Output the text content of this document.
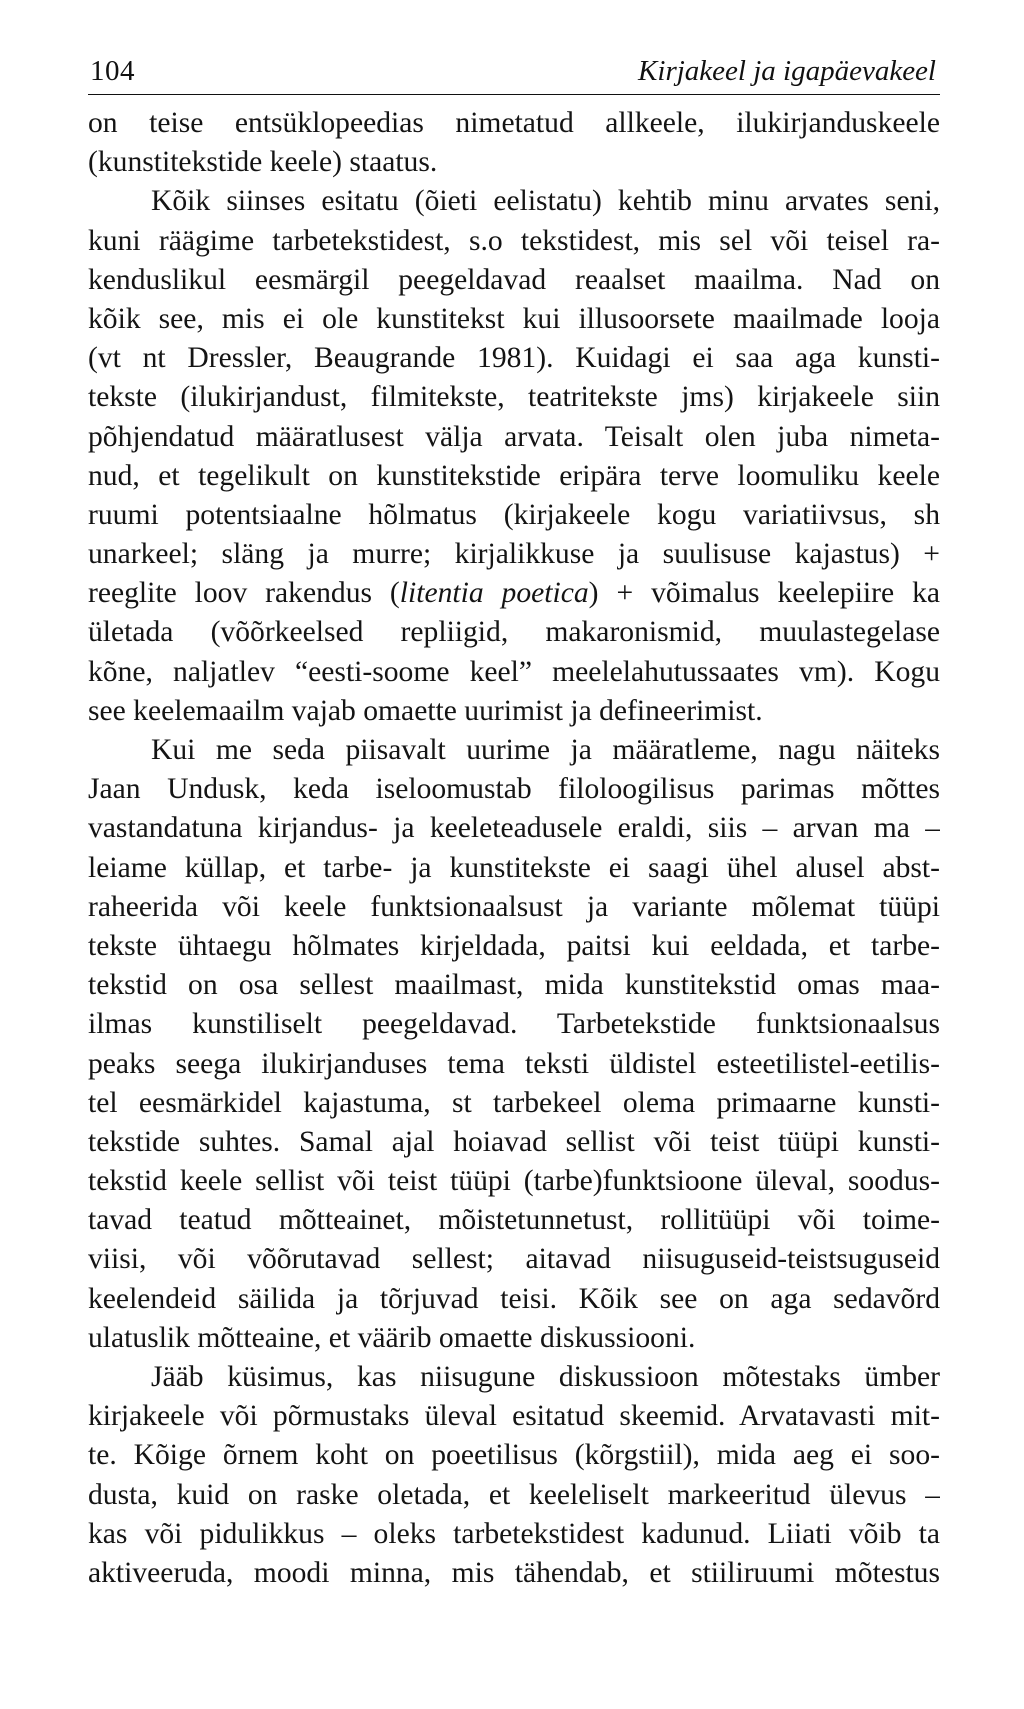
104	Kirjakeel ja igapäevakeel
on teise entsüklopeedias nimetatud allkeele, ilukirjanduskeele
(kunstitekstide keele) staatus.
Kõik siinses esitatu (õieti eelistatu) kehtib minu arvates seni,
kuni räägime tarbetekstidest, s.o tekstidest, mis sel või teisel ra-
kenduslikul eesmärgil peegeldavad reaalset maailma. Nad on
kõik see, mis ei ole kunstitekst kui illusoorsete maailmade looja
(vt nt Dressler, Beaugrande 1981). Kuidagi ei saa aga kunsti-
tekste (ilukirjandust, filmitekste, teatritekste jms) kirjakeele siin
põhjendatud määratlusest välja arvata. Teisalt olen juba nimeta-
nud, et tegelikult on kunstitekstide eripära terve loomuliku keele
ruumi potentsiaalne hõlmatus (kirjakeele kogu variatiivsus, sh
unarkeel; släng ja murre; kirjalikkuse ja suulisuse kajastus) +
reeglite loov rakendus (litentia poetica) + võimalus keelepiire ka
ületada (võõrkeelsed repliigid, makaronismid, muulastegelase
kõne, naljatlev “eesti-soome keel” meelelahutussaates vm). Kogu
see keelemaailm vajab omaette uurimist ja defineerimist.
Kui me seda piisavalt uurime ja määratleme, nagu näiteks
Jaan Undusk, keda iseloomustab filoloogilisus parimas mõttes
vastandatuna kirjandus- ja keeleteadusele eraldi, siis – arvan ma –
leiame küllap, et tarbe- ja kunstitekste ei saagi ühel alusel abst-
raheerida või keele funktsionaalsust ja variante mõlemat tüüpi
tekste ühtaegu hõlmates kirjeldada, paitsi kui eeldada, et tarbe-
tekstid on osa sellest maailmast, mida kunstitekstid omas maa-
ilmas kunstiliselt peegeldavad. Tarbetekstide funktsionaalsus
peaks seega ilukirjanduses tema teksti üldistel esteetilistel-eetilis-
tel eesmärkidel kajastuma, st tarbekeel olema primaarne kunsti-
tekstide suhtes. Samal ajal hoiavad sellist või teist tüüpi kunsti-
tekstid keele sellist või teist tüüpi (tarbe)funktsioone üleval, soodus-
tavad teatud mõtteainet, mõistetunnetust, rollitüüpi või toime-
viisi, või võõrutavad sellest; aitavad niisuguseid-teistsuguseid
keelendeid säilida ja tõrjuvad teisi. Kõik see on aga sedavõrd
ulatuslik mõtteaine, et väärib omaette diskussiooni.
Jääb küsimus, kas niisugune diskussioon mõtestaks ümber
kirjakeele või põrmustaks üleval esitatud skeemid. Arvatavasti mit-
te. Kõige õrnem koht on poeetilisus (kõrgstiil), mida aeg ei soo-
dusta, kuid on raske oletada, et keeleliselt markeeritud ülevus –
kas või pidulikkus – oleks tarbetekstidest kadunud. Liiati võib ta
aktiveeruda, moodi minna, mis tähendab, et stiiliruumi mõtestus
